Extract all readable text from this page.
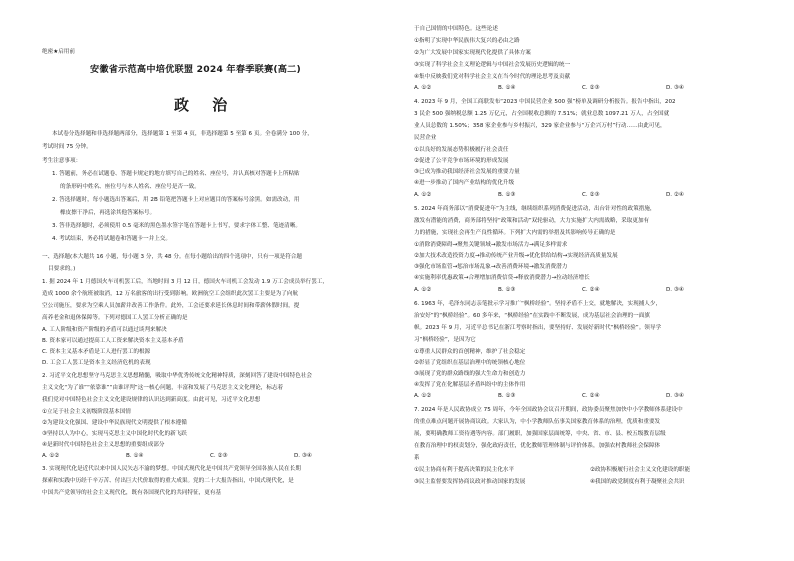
绝密★启用前
安徽省示范高中培优联盟 2024 年春季联赛(高二)
政 治
本试卷分选择题和非选择题两部分，选择题第 1 至第 4 页，非选择题第 5 至第 6 页。全卷满分 100 分，
考试时间 75 分钟。
考生注意事项：
1. 答题前，务必在试题卷、答题卡规定的地方填写自己的姓名、座位号，并认真核对答题卡上所粘贴
的条形码中姓名、座位号与本人姓名、座位号是否一致。
2. 答选择题时，每小题选出答案后，用 2B 铅笔把答题卡上对应题目的答案标号涂黑。如需改动，用
橡皮擦干净后，再选涂其他答案标号。
3. 答非选择题时，必须使用 0.5 毫米的黑色墨水签字笔在答题卡上书写，要求字体工整、笔迹清晰。
4. 考试结束，务必将试题卷和答题卡一并上交。
一、选择题(本大题共 16 小题，每小题 3 分，共 48 分。在每小题给出的四个选项中，只有一项是符合题
目要求的。)
1. 据 2024 年 1 月德国火车司机罢工后，当地时间 3 月 12 日，德国火车司机工会发动 1.9 万工会成员举行罢工，
造成 1000 余个航班被取消，12 万名旅客的出行受到影响。欧洲航空工会组织此次罢工主要是为了向航
空公司施压，要求为空乘人员加薪并改善工作条件。此外，工会还要求延长休息时间和带薪休假时间，提
高养老金和退休保障等。下列对德国工人罢工分析正确的是
A. 工人阶级和资产阶级的矛盾可以通过谈判来解决
B. 资本家可以通过提高工人工资来解决资本主义基本矛盾
C. 资本主义基本矛盾是工人进行罢工的根源
D. 工会工人罢工是资本主义经济危机的表现
2. 习近平文化思想坚守马克思主义思想精髓，吸取中华优秀传统文化精神特质，深刻回答了建设中国特色社会
主义文化“为了谁”“依靠谁”“由谁评判”这一核心问题，丰富和发展了马克思主义文化理论，标志着
我们党对中国特色社会主义文化建设规律的认识达到新高度。由此可见，习近平文化思想
①立足于社会主义初级阶段基本国情
②为建设文化强国、建设中华民族现代文明提供了根本遵循
③坚持以人为中心，实现马克思主义中国化时代化的新飞跃
④是新时代中国特色社会主义思想的重要组成部分
A. ①②	B. ①④	C. ②③	D. ③④
3. 实现现代化是近代以来中国人民矢志不渝的梦想。中国式现代化是中国共产党领导全国各族人民在长期
探索和实践中历经千辛万苦、付出巨大代价取得的重大成果。党的二十大报告指出，中国式现代化，是
中国共产党领导的社会主义现代化，既有各国现代化的共同特征，更有基
于自己国情的中国特色。这些论述
①指明了实现中华民族伟大复兴的必由之路
②为广大发展中国家实现现代化提供了具体方案
③实现了科学社会主义理论逻辑与中国社会发展历史逻辑的统一
④集中反映我们党对科学社会主义在当今时代的理论思考及贡献
A. ①②	B. ①④	C. ②③	D. ③④
4. 2023 年 9 月，全国工商联发布“2023 中国民营企业 500 强”榜单及调研分析报告。报告中指出，202
3 民企 500 强纳税总额 1.25 万亿元，占全国税收总额的 7.51%；就业总数 1097.21 万人，占全国就
业人员总数的 1.50%；358 家企业参与乡村振兴，329 家企业参与“万企兴万村”行动……由此可见，
民营企业
①以良好的发展态势积极履行社会责任
②促进了公平竞争市场环境的形成发展
③已成为推动我国经济社会发展的重要力量
④进一步推动了国内产业结构的优化升级
A. ①②	B. ①③	C. ②③	D. ②④
5. 2024 年商务部以“消费促进年”为主线，继续组织系列消费促进活动，出台针对性的政策措施，
激发有潜能的消费，商务部将坚持“政策和活动”双轮驱动，大力实施扩大内需战略，采取更加有
力的措施，实现社会再生产良性循环。下列扩大内需的举措及其影响传导正确的是
①消除消费障碍→聚焦关键领域→激发市场活力→满足多样需求
②加大技术改造投资力度→推动传统产业升级→优化供给结构→实现经济高质量发展
③强化市场监管→惩治市场乱象→改善消费环境→激发消费潜力
④实施利率优惠政策→合理增加消费信贷→释放消费潜力→拉动经济增长
A. ①②	B. ①③	C. ②④	D. ③④
6. 1963 年，毛泽东同志亲笔批示学习推广“枫桥经验”。坚持矛盾不上交，就地解决，实现捕人少，
治安好”的“枫桥经验”。60 多年来，“枫桥经验”在实践中不断发展，成为基层社会治理的一面旗
帜。2023 年 9 月，习近平总书记在浙江考察时指出，要坚持好、发展好新时代“枫桥经验”。领导学
习“枫桥经验”，是因为它
①尊重人民群众的首创精神，维护了社会稳定
②彰显了党组织在基层治理中的统领核心地位
③展现了党的群众路线的强大生命力和创造力
④发挥了党在化解基层矛盾纠纷中的主体作用
A. ①②	B. ①③	C. ②④	D. ③④
7. 2024 年是人民政协成立 75 周年，今年全国政协会议召开期间，政协委员聚焦加快中小学教师体系建设中
的重点难点问题开展协商议政。大家认为，中小学教师队伍事关国家教育体系的治理，优质和重要发
展，要明确教师工资待遇等内容。部门履职，加强国家层面统筹，中央、省、市、县、校五级教育层级
在教育治理中的权责划分，强化政府责任，优化教师管理体制与评价体系，加强农村教师社会保障体
系
①民主协商有利于提高决策的民主化水平	②政协积极履行社会主义文化建设的职能
③民主监督要发挥协商议政对推动国家的发展	④我国的政党制度有利于凝聚社会共识
